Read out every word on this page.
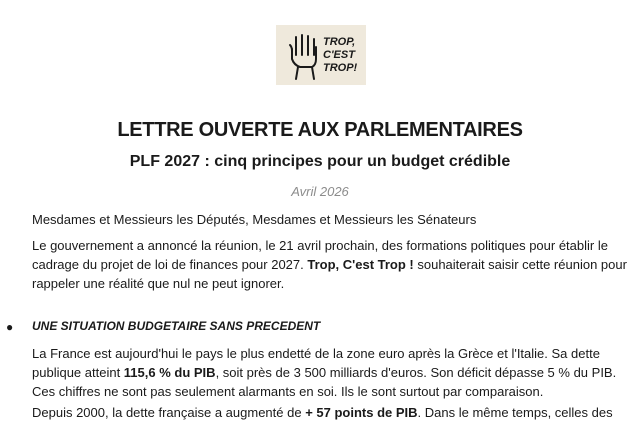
TROP,
C'EST
TROP!
LETTRE OUVERTE AUX PARLEMENTAIRES
PLF 2027 : cinq principes pour un budget crédible
Avril 2026

Mesdames et Messieurs les Députés, Mesdames et Messieurs les Sénateurs

Le gouvernement a annoncé la réunion, le 21 avril prochain, des formations politiques pour établir le cadrage du projet de loi de finances pour 2027. Trop, C'est Trop ! souhaiterait saisir cette réunion pour rappeler une réalité que nul ne peut ignorer.

● UNE SITUATION BUDGETAIRE SANS PRECEDENT

La France est aujourd'hui le pays le plus endetté de la zone euro après la Grèce et l'Italie. Sa dette publique atteint 115,6 % du PIB, soit près de 3 500 milliards d'euros. Son déficit dépasse 5 % du PIB. Ces chiffres ne sont pas seulement alarmants en soi. Ils le sont surtout par comparaison.

Depuis 2000, la dette française a augmenté de + 57 points de PIB. Dans le même temps, celles des
